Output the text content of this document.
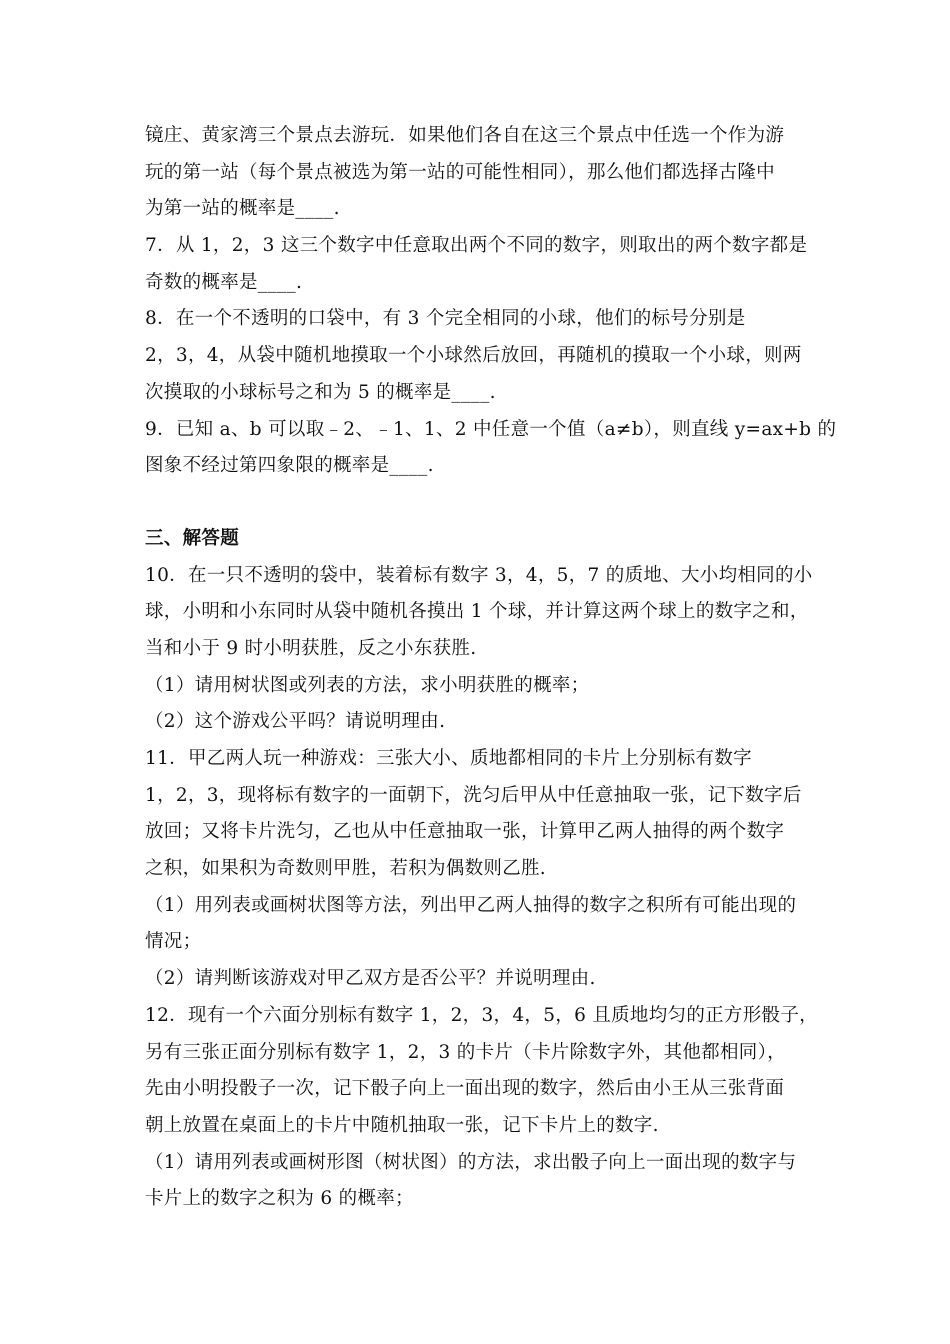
镜庄、黄家湾三个景点去游玩．如果他们各自在这三个景点中任选一个作为游
玩的第一站（每个景点被选为第一站的可能性相同），那么他们都选择古隆中
为第一站的概率是____.
7．从 1，2，3 这三个数字中任意取出两个不同的数字，则取出的两个数字都是
奇数的概率是____.
8．在一个不透明的口袋中，有 3 个完全相同的小球，他们的标号分别是
2，3，4，从袋中随机地摸取一个小球然后放回，再随机的摸取一个小球，则两
次摸取的小球标号之和为 5 的概率是____.
9．已知 a、b 可以取﹣2、﹣1、1、2 中任意一个值（a≠b），则直线 y=ax+b 的
图象不经过第四象限的概率是____.
三、解答题
10．在一只不透明的袋中，装着标有数字 3，4，5，7 的质地、大小均相同的小
球，小明和小东同时从袋中随机各摸出 1 个球，并计算这两个球上的数字之和，
当和小于 9 时小明获胜，反之小东获胜.
（1）请用树状图或列表的方法，求小明获胜的概率；
（2）这个游戏公平吗？请说明理由.
11．甲乙两人玩一种游戏：三张大小、质地都相同的卡片上分别标有数字
1，2，3，现将标有数字的一面朝下，洗匀后甲从中任意抽取一张，记下数字后
放回；又将卡片洗匀，乙也从中任意抽取一张，计算甲乙两人抽得的两个数字
之积，如果积为奇数则甲胜，若积为偶数则乙胜.
（1）用列表或画树状图等方法，列出甲乙两人抽得的数字之积所有可能出现的
情况；
（2）请判断该游戏对甲乙双方是否公平？并说明理由.
12．现有一个六面分别标有数字 1，2，3，4，5，6 且质地均匀的正方形骰子，
另有三张正面分别标有数字 1，2，3 的卡片（卡片除数字外，其他都相同），
先由小明投骰子一次，记下骰子向上一面出现的数字，然后由小王从三张背面
朝上放置在桌面上的卡片中随机抽取一张，记下卡片上的数字.
（1）请用列表或画树形图（树状图）的方法，求出骰子向上一面出现的数字与
卡片上的数字之积为 6 的概率；
